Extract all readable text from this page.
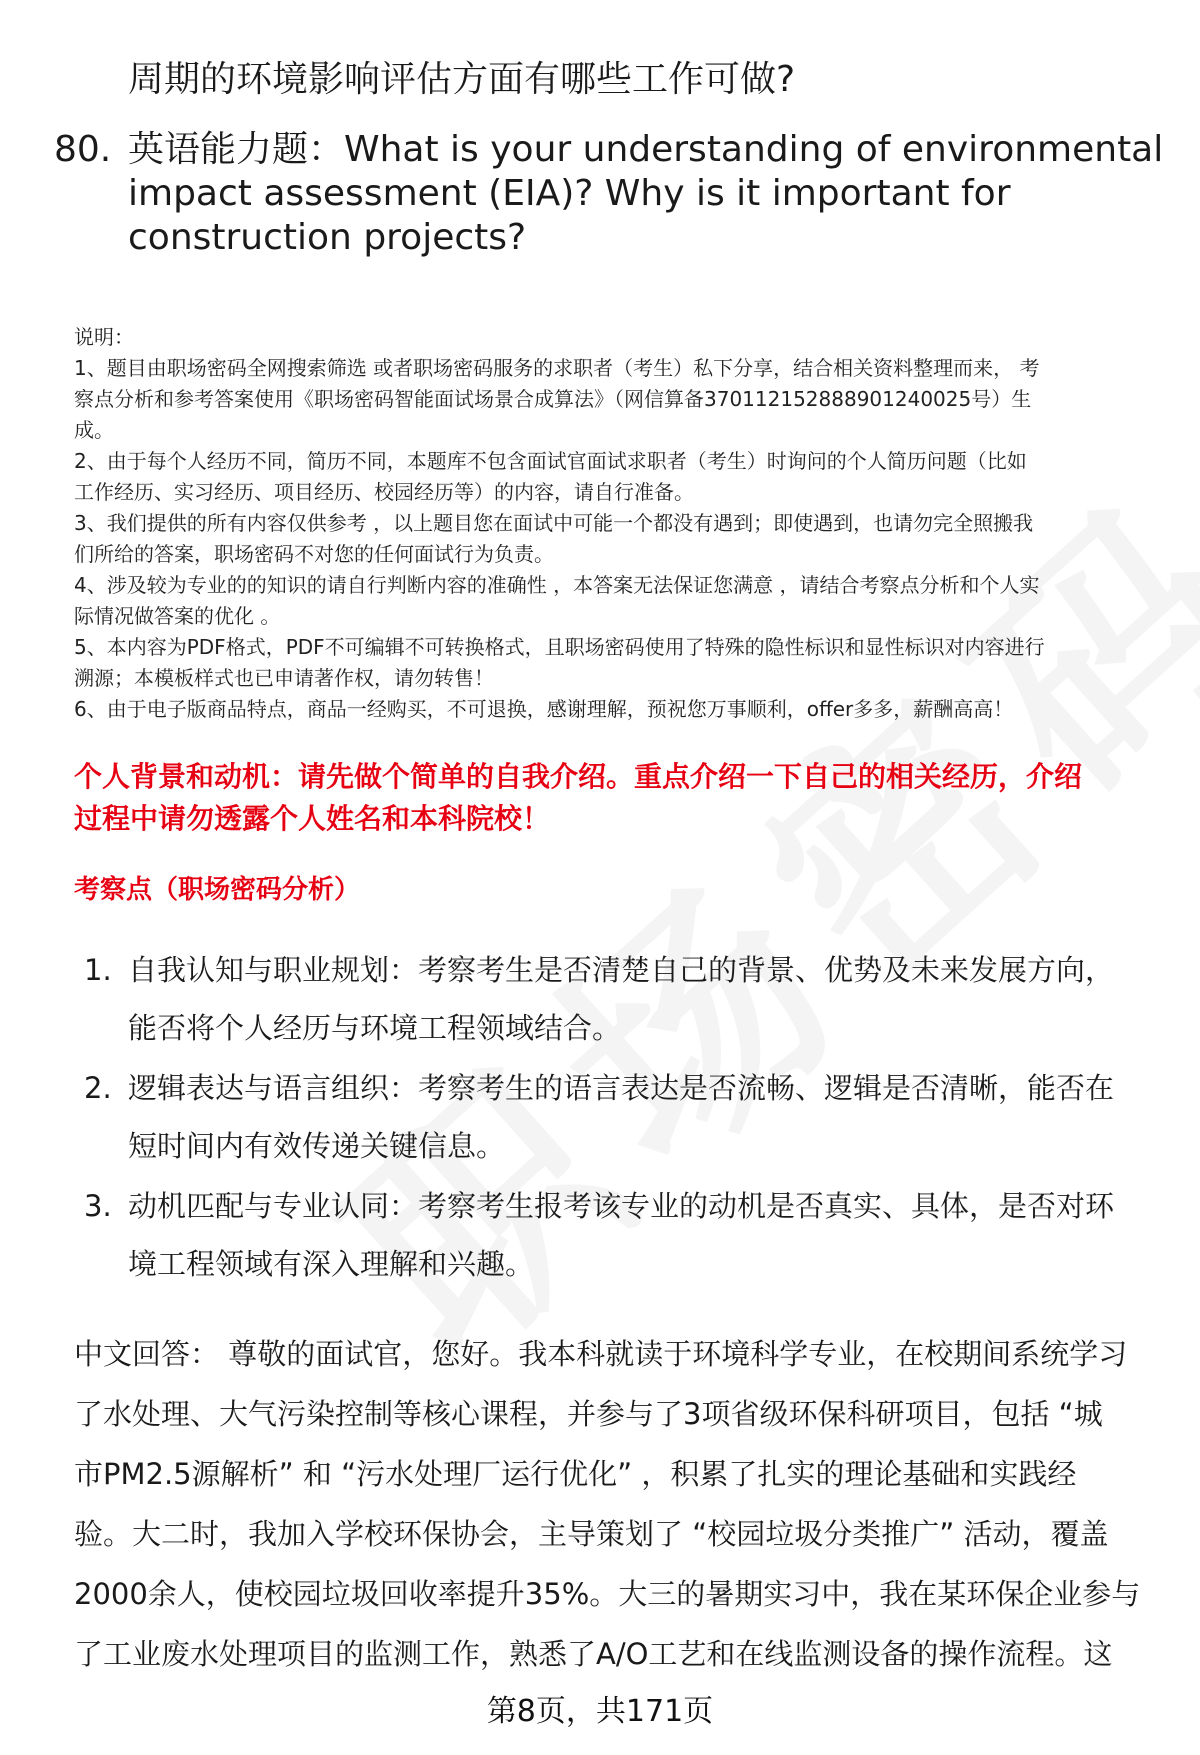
周期的环境影响评估方面有哪些工作可做?
80. 英语能力题：What is your understanding of environmental
impact assessment (EIA)? Why is it important for
construction projects?
说明：
1、题目由职场密码全网搜索筛选 或者职场密码服务的求职者（考生）私下分享，结合相关资料整理而来， 考
察点分析和参考答案使用《职场密码智能面试场景合成算法》（网信算备370112152888901240025号）生
成。
2、由于每个人经历不同，简历不同，本题库不包含面试官面试求职者（考生）时询问的个人简历问题（比如
工作经历、实习经历、项目经历、校园经历等）的内容，请自行准备。
3、我们提供的所有内容仅供参考 ，以上题目您在面试中可能一个都没有遇到；即使遇到，也请勿完全照搬我
们所给的答案，职场密码不对您的任何面试行为负责。
4、涉及较为专业的的知识的请自行判断内容的准确性 ，本答案无法保证您满意 ，请结合考察点分析和个人实
际情况做答案的优化 。
5、本内容为PDF格式，PDF不可编辑不可转换格式，且职场密码使用了特殊的隐性标识和显性标识对内容进行
溯源；本模板样式也已申请著作权，请勿转售！
6、由于电子版商品特点，商品一经购买，不可退换，感谢理解，预祝您万事顺利，offer多多，薪酬高高！
个人背景和动机：请先做个简单的自我介绍。重点介绍一下自己的相关经历，介绍
过程中请勿透露个人姓名和本科院校！
考察点（职场密码分析）
1. 自我认知与职业规划：考察考生是否清楚自己的背景、优势及未来发展方向，
能否将个人经历与环境工程领域结合。
2. 逻辑表达与语言组织：考察考生的语言表达是否流畅、逻辑是否清晰，能否在
短时间内有效传递关键信息。
3. 动机匹配与专业认同：考察考生报考该专业的动机是否真实、具体，是否对环
境工程领域有深入理解和兴趣。
中文回答： 尊敬的面试官，您好。我本科就读于环境科学专业，在校期间系统学习
了水处理、大气污染控制等核心课程，并参与了3项省级环保科研项目，包括 “城
市PM2.5源解析” 和 “污水处理厂运行优化” ，积累了扎实的理论基础和实践经
验。大二时，我加入学校环保协会，主导策划了 “校园垃圾分类推广” 活动，覆盖
2000余人，使校园垃圾回收率提升35%。大三的暑期实习中，我在某环保企业参与
了工业废水处理项目的监测工作，熟悉了A/O工艺和在线监测设备的操作流程。这
第8页，共171页
